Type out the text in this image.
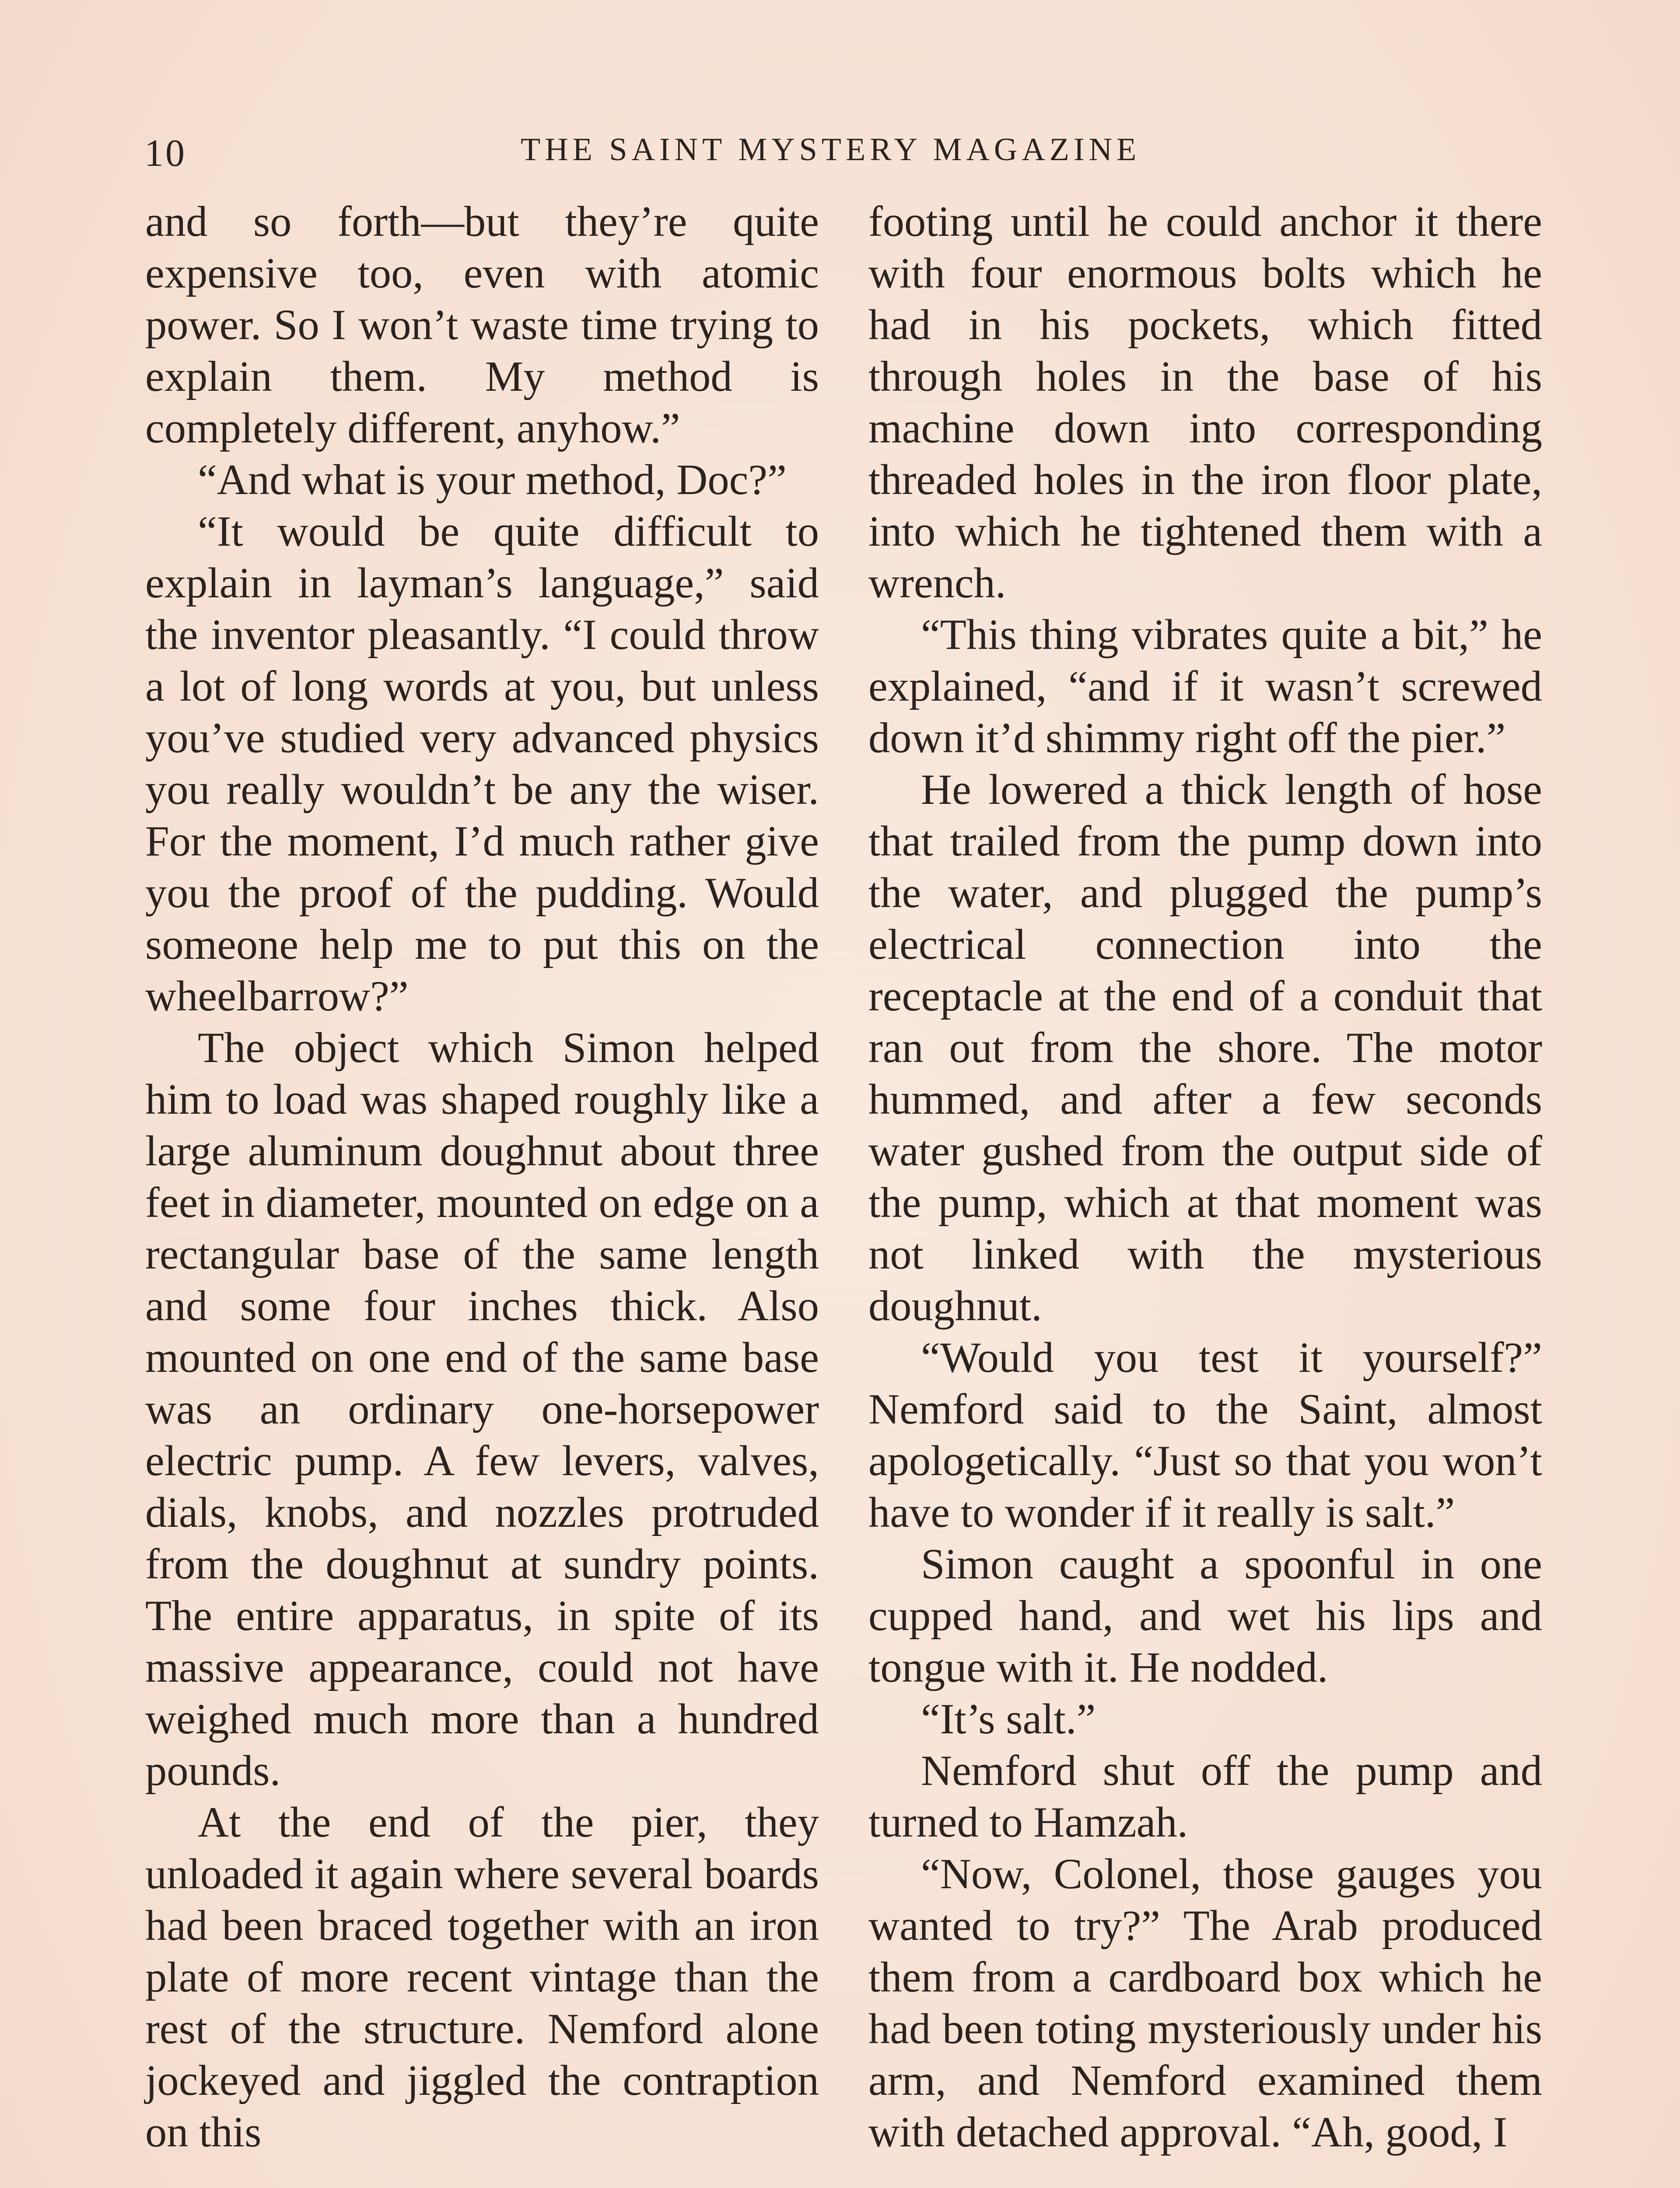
10	THE SAINT MYSTERY MAGAZINE

and so forth—but they’re quite expensive too, even with atomic power. So I won’t waste time trying to explain them. My method is completely different, anyhow.”

“And what is your method, Doc?”

“It would be quite difficult to explain in layman’s language,” said the inventor pleasantly. “I could throw a lot of long words at you, but unless you’ve studied very advanced physics you really wouldn’t be any the wiser. For the moment, I’d much rather give you the proof of the pudding. Would someone help me to put this on the wheelbarrow?”

The object which Simon helped him to load was shaped roughly like a large aluminum doughnut about three feet in diameter, mounted on edge on a rectangular base of the same length and some four inches thick. Also mounted on one end of the same base was an ordinary one-horsepower electric pump. A few levers, valves, dials, knobs, and nozzles protruded from the doughnut at sundry points. The entire apparatus, in spite of its massive appearance, could not have weighed much more than a hundred pounds.

At the end of the pier, they unloaded it again where several boards had been braced together with an iron plate of more recent vintage than the rest of the structure. Nemford alone jockeyed and jiggled the contraption on this

footing until he could anchor it there with four enormous bolts which he had in his pockets, which fitted through holes in the base of his machine down into corresponding threaded holes in the iron floor plate, into which he tightened them with a wrench.

“This thing vibrates quite a bit,” he explained, “and if it wasn’t screwed down it’d shimmy right off the pier.”

He lowered a thick length of hose that trailed from the pump down into the water, and plugged the pump’s electrical connection into the receptacle at the end of a conduit that ran out from the shore. The motor hummed, and after a few seconds water gushed from the output side of the pump, which at that moment was not linked with the mysterious doughnut.

“Would you test it yourself?” Nemford said to the Saint, almost apologetically. “Just so that you won’t have to wonder if it really is salt.”

Simon caught a spoonful in one cupped hand, and wet his lips and tongue with it. He nodded.

“It’s salt.”

Nemford shut off the pump and turned to Hamzah.

“Now, Colonel, those gauges you wanted to try?” The Arab produced them from a cardboard box which he had been toting mysteriously under his arm, and Nemford examined them with detached approval. “Ah, good, I
